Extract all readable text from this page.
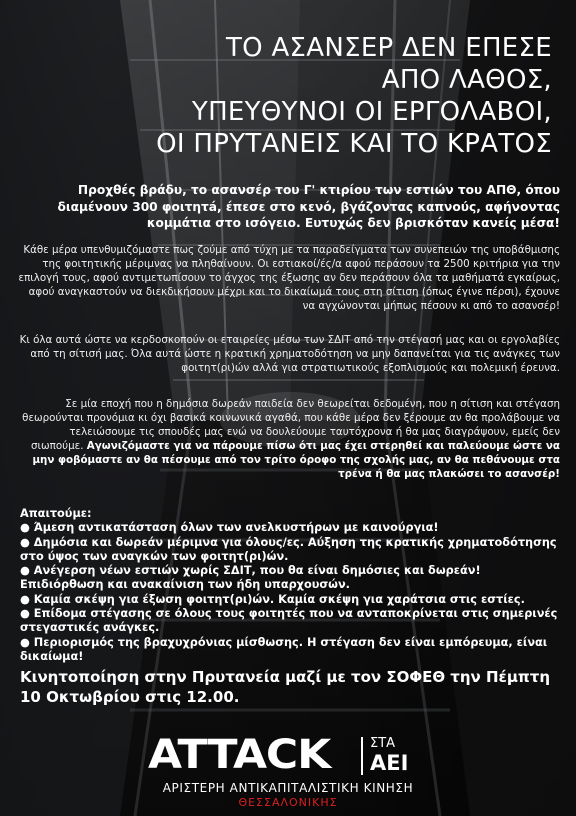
ΤΟ ΑΣΑΝΣΕΡ ΔΕΝ ΕΠΕΣΕ
ΑΠΟ ΛΑΘΟΣ,
ΥΠΕΥΘΥΝΟΙ ΟΙ ΕΡΓΟΛΑΒΟΙ,
ΟΙ ΠΡΥΤΑΝΕΙΣ ΚΑΙ ΤΟ ΚΡΑΤΟΣ

Προχθές βράδυ, το ασανσέρ του Γ' κτιρίου των εστιών του ΑΠΘ, όπου διαμένουν 300 φοιτητá, έπεσε στο κενό, βγάζοντας καπνούς, αφήνοντας κομμάτια στο ισόγειο. Ευτυχώς δεν βρισκόταν κανείς μέσα!

Κάθε μέρα υπενθυμιζόμαστε πως ζούμε από τύχη με τα παραδείγματα των συνεπειών της υποβάθμισης της φοιτητικής μέριμνας να πληθαίνουν. Οι εστιακοί/ές/α αφού περάσουν τα 2500 κριτήρια για την επιλογή τους, αφού αντιμετωπίσουν το άγχος της έξωσης αν δεν περάσουν όλα τα μαθήματά εγκαίρως, αφού αναγκαστούν να διεκδικήσουν μέχρι και το δικαίωμά τους στη σίτιση (όπως έγινε πέρσι), έχουνε να αγχώνονται μήπως πέσουν κι από το ασανσέρ!

Κι όλα αυτά ώστε να κερδοσκοπούν οι εταιρείες μέσω των ΣΔΙΤ από την στέγασή μας και οι εργολαβίες από τη σίτισή μας. Όλα αυτά ώστε η κρατική χρηματοδότηση να μην δαπανείται για τις ανάγκες των φοιτητ(ρι)ών αλλά για στρατιωτικούς εξοπλισμούς και πολεμική έρευνα.

Σε μία εποχή που η δημόσια δωρεάν παιδεία δεν θεωρείται δεδομένη, που η σίτιση και στέγαση θεωρούνται προνόμια κι όχι βασικά κοινωνικά αγαθά, που κάθε μέρα δεν ξέρουμε αν θα προλάβουμε να τελειώσουμε τις σπουδές μας ενώ να δουλεύουμε ταυτόχρονα ή θα μας διαγράψουν, εμείς δεν σιωπούμε. Αγωνιζόμαστε για να πάρουμε πίσω ότι μας έχει στερηθεί και παλεύουμε ώστε να μην φοβόμαστε αν θα πέσουμε από τον τρίτο όροφο της σχολής μας, αν θα πεθάνουμε στα τρένα ή θα μας πλακώσει το ασανσέρ!

Απαιτούμε:
● Άμεση αντικατάσταση όλων των ανελκυστήρων με καινούργια!
● Δημόσια και δωρεάν μέριμνα για όλους/ες. Αύξηση της κρατικής χρηματοδότησης στο ύψος των αναγκών των φοιτητ(ρι)ών.
● Ανέγερση νέων εστιών χωρίς ΣΔΙΤ, που θα είναι δημόσιες και δωρεάν! Επιδιόρθωση και ανακαίνιση των ήδη υπαρχουσών.
● Καμία σκέψη για έξωση φοιτητ(ρι)ών. Καμία σκέψη για χαράτσια στις εστίες.
● Επίδομα στέγασης σε όλους τους φοιτητές που να ανταποκρίνεται στις σημερινές στεγαστικές ανάγκες.
● Περιορισμός της βραχυχρόνιας μίσθωσης. Η στέγαση δεν είναι εμπόρευμα, είναι δικαίωμα!

Κινητοποίηση στην Πρυτανεία μαζί με τον ΣΟΦΕΘ την Πέμπτη 10 Οκτωβρίου στις 12.00.

ATTACK	ΣΤΑ
ΑΕΙ
ΑΡΙΣΤΕΡΗ ΑΝΤΙΚΑΠΙΤΑΛΙΣΤΙΚΗ ΚΙΝΗΣΗ
ΘΕΣΣΑΛΟΝΙΚΗΣ
